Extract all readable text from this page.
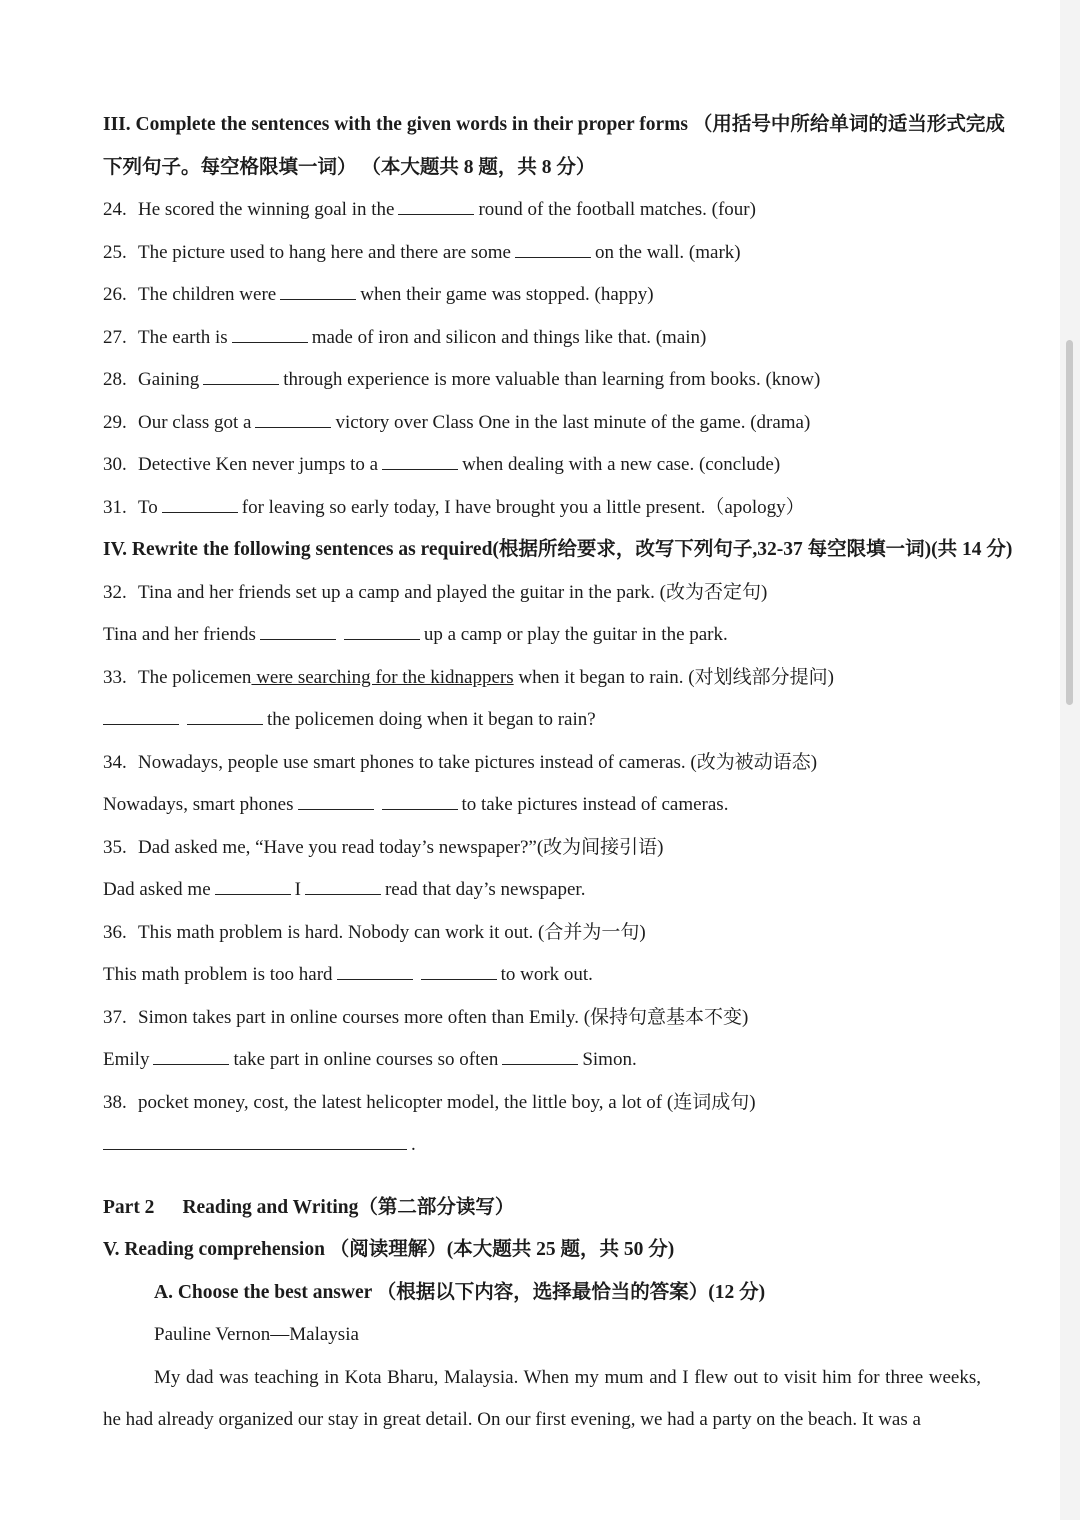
III. Complete the sentences with the given words in their proper forms （用括号中所给单词的适当形式完成
下列句子。每空格限填一词） （本大题共 8 题，共 8 分）
24. He scored the winning goal in the	round of the football matches. (four)
25. The picture used to hang here and there are some	on the wall. (mark)
26. The children were	when their game was stopped. (happy)
27. The earth is	made of iron and silicon and things like that. (main)
28. Gaining	through experience is more valuable than learning from books. (know)
29. Our class got a	victory over Class One in the last minute of the game. (drama)
30. Detective Ken never jumps to a	when dealing with a new case. (conclude)
31. To	for leaving so early today, I have brought you a little present.（apology）
IV. Rewrite the following sentences as required(根据所给要求，改写下列句子,32-37 每空限填一词)(共 14 分)
32. Tina and her friends set up a camp and played the guitar in the park. (改为否定句)
Tina and her friends	up a camp or play the guitar in the park.
33. The policemen were searching for the kidnappers when it began to rain. (对划线部分提问)
the policemen doing when it began to rain?
34. Nowadays, people use smart phones to take pictures instead of cameras. (改为被动语态)
Nowadays, smart phones	to take pictures instead of cameras.
35. Dad asked me, “Have you read today’s newspaper?”(改为间接引语)
Dad asked me	I	read that day’s newspaper.
36. This math problem is hard. Nobody can work it out. (合并为一句)
This math problem is too hard	to work out.
37. Simon takes part in online courses more often than Emily. (保持句意基本不变)
Emily	take part in online courses so often	Simon.
38. pocket money, cost, the latest helicopter model, the little boy, a lot of (连词成句)
.
Part 2 Reading and Writing（第二部分读写）
V. Reading comprehension （阅读理解）(本大题共 25 题，共 50 分)
A. Choose the best answer （根据以下内容，选择最恰当的答案）(12 分)
Pauline Vernon—Malaysia
My dad was teaching in Kota Bharu, Malaysia. When my mum and I flew out to visit him for three weeks, he had already organized our stay in great detail. On our first evening, we had a party on the beach. It was a
